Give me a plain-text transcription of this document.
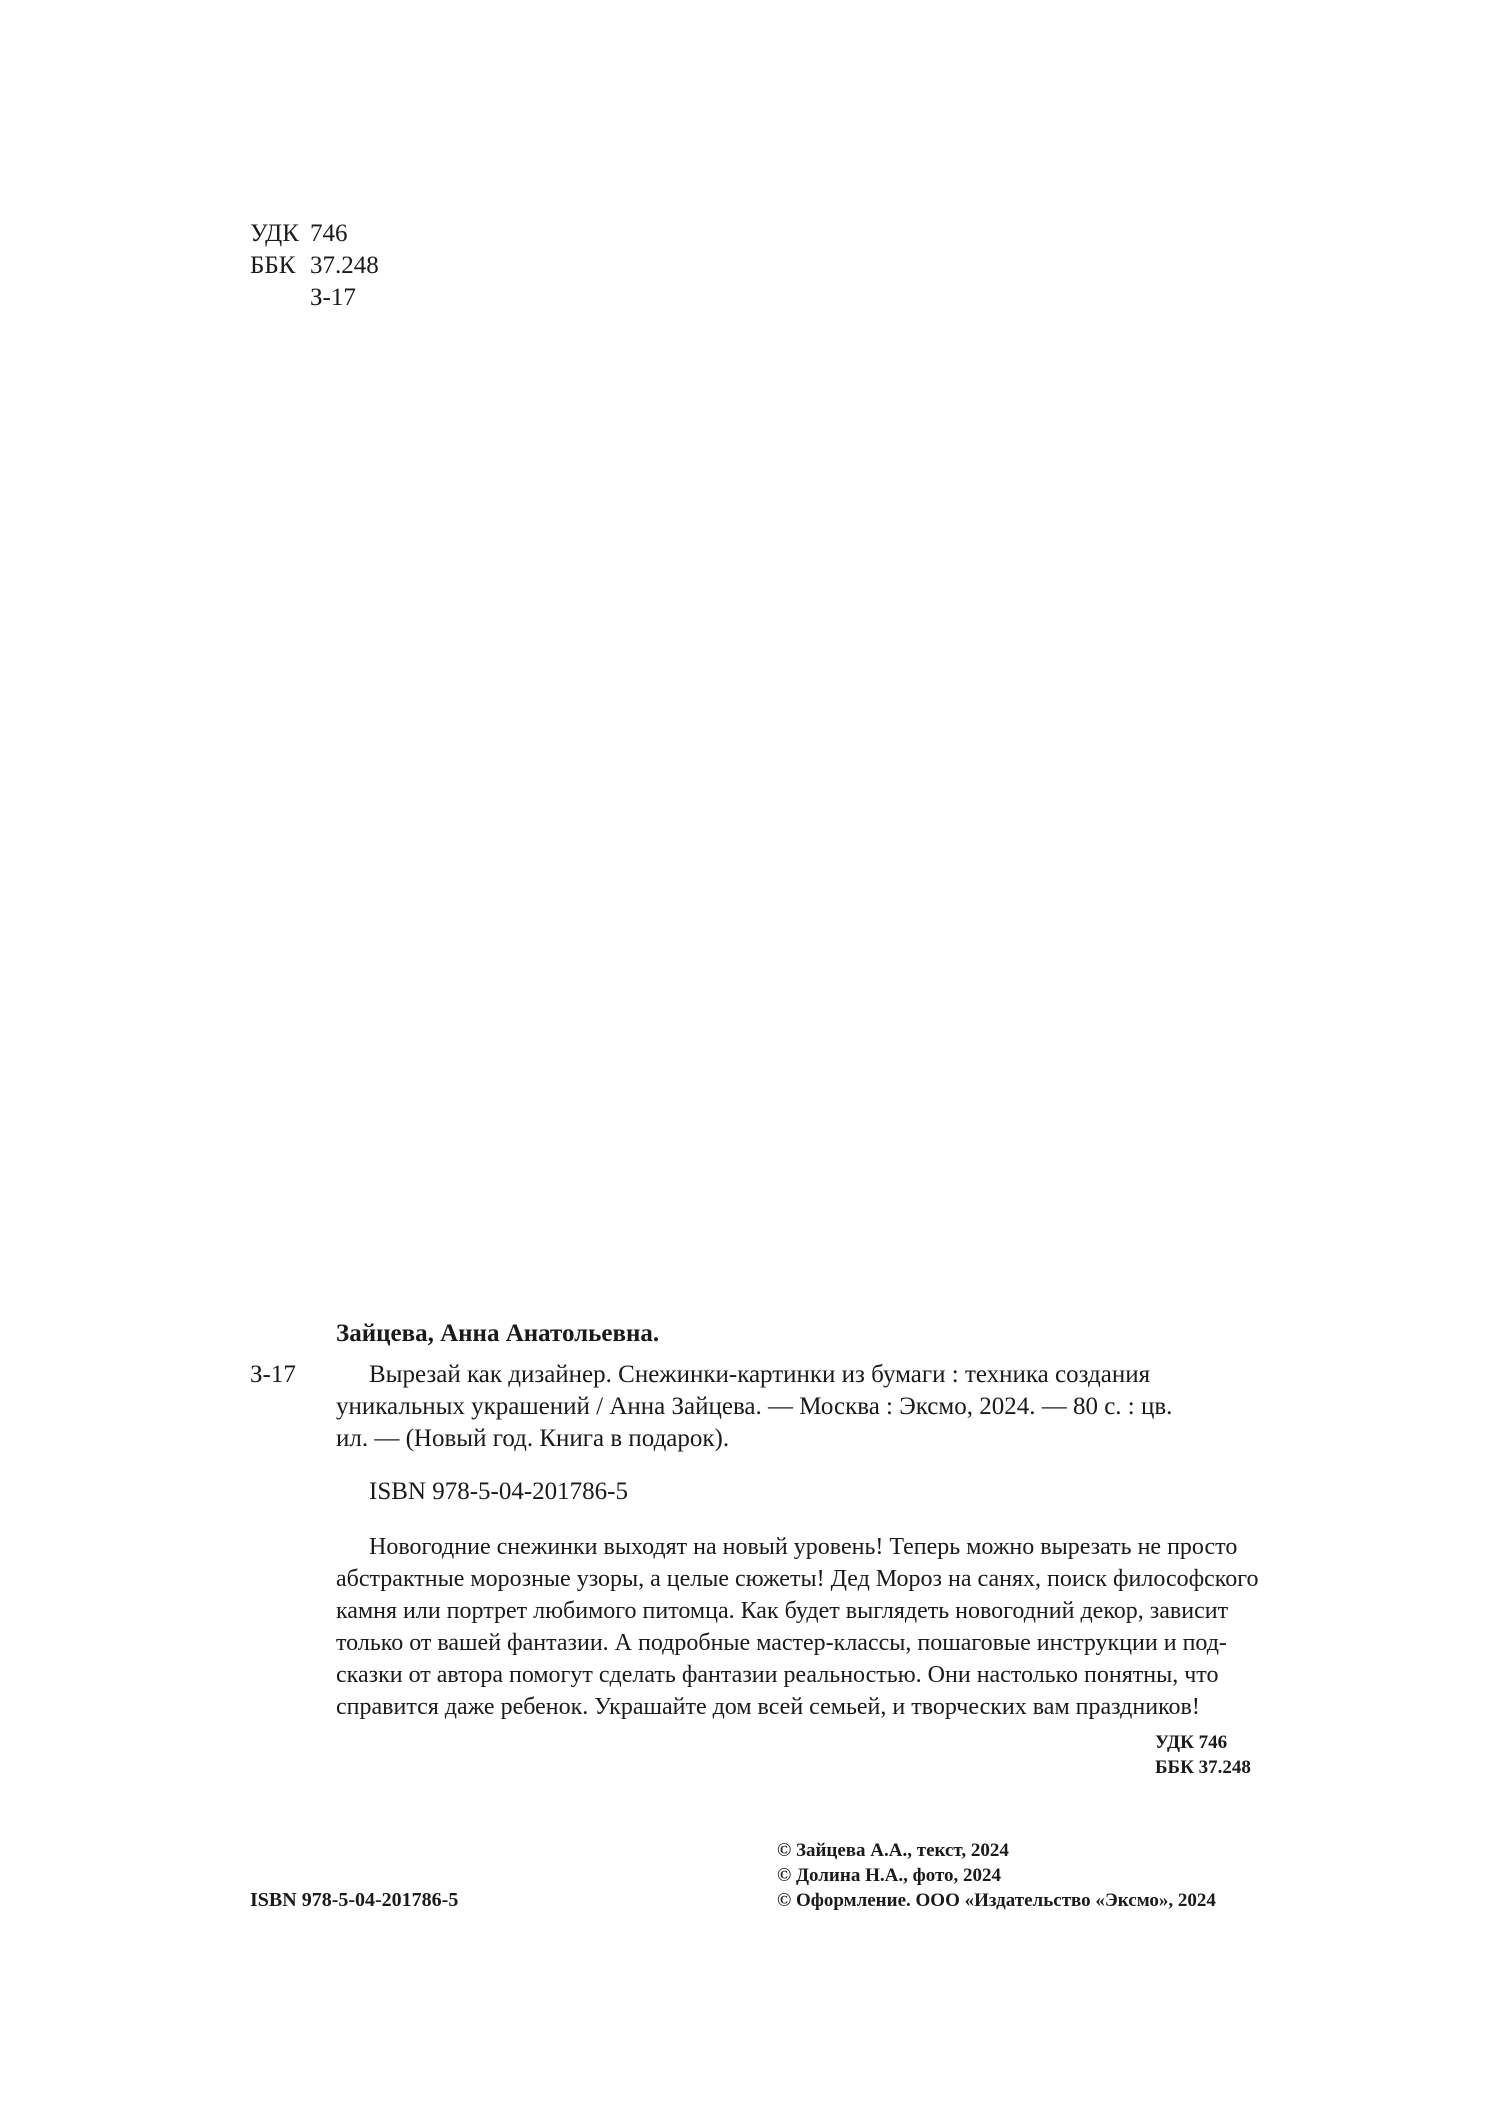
УДК 746
ББК 37.248
З-17
Зайцева, Анна Анатольевна.
З-17	Вырезай как дизайнер. Снежинки-картинки из бумаги : техника создания
уникальных украшений / Анна Зайцева. — Москва : Эксмо, 2024. — 80 с. : цв.
ил. — (Новый год. Книга в подарок).
ISBN 978-5-04-201786-5
Новогодние снежинки выходят на новый уровень! Теперь можно вырезать не просто
абстрактные морозные узоры, а целые сюжеты! Дед Мороз на санях, поиск философского
камня или портрет любимого питомца. Как будет выглядеть новогодний декор, зависит
только от вашей фантазии. А подробные мастер-классы, пошаговые инструкции и под-
сказки от автора помогут сделать фантазии реальностью. Они настолько понятны, что
справится даже ребенок. Украшайте дом всей семьей, и творческих вам праздников!
УДК 746
ББК 37.248
ISBN 978-5-04-201786-5
© Зайцева А.А., текст, 2024
© Долина Н.А., фото, 2024
© Оформление. ООО «Издательство «Эксмо», 2024
